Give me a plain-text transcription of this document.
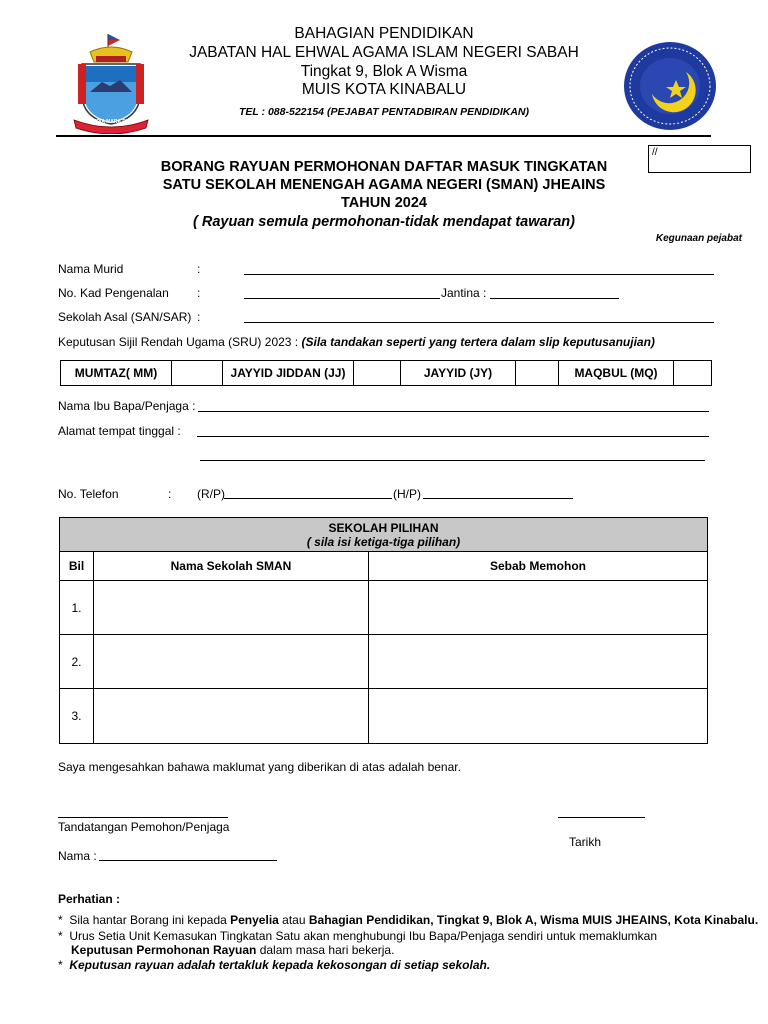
SEDIA MARA DIRI
BAHAGIAN PENDIDIKAN
JABATAN HAL EHWAL AGAMA ISLAM NEGERI SABAH
Tingkat 9, Blok A Wisma
MUIS KOTA KINABALU
TEL : 088-522154 (PEJABAT PENTADBIRAN PENDIDIKAN)
//
Kegunaan pejabat
BORANG RAYUAN PERMOHONAN DAFTAR MASUK TINGKATAN
SATU SEKOLAH MENENGAH AGAMA NEGERI (SMAN) JHEAINS
TAHUN 2024
( Rayuan semula permohonan-tidak mendapat tawaran)
Nama Murid	:
No. Kad Pengenalan :	Jantina :
Sekolah Asal (SAN/SAR) :
Keputusan Sijil Rendah Ugama (SRU) 2023 : (Sila tandakan seperti yang tertera dalam slip keputusanujian)
MUMTAZ( MM)		JAYYID JIDDAN (JJ)		JAYYID (JY)		MAQBUL (MQ)	
Nama Ibu Bapa/Penjaga :
Alamat tempat tinggal :
No. Telefon	: (R/P)	(H/P)
SEKOLAH PILIHAN
( sila isi ketiga-tiga pilihan)		

Bil	Nama Sekolah SMAN	Sebab Memohon
1.		
2.		
3.		
Saya mengesahkan bahawa maklumat yang diberikan di atas adalah benar.
Tandatangan Pemohon/Penjaga
Tarikh
Nama :
Perhatian :
* Sila hantar Borang ini kepada Penyelia atau Bahagian Pendidikan, Tingkat 9, Blok A, Wisma MUIS JHEAINS, Kota Kinabalu.
* Urus Setia Unit Kemasukan Tingkatan Satu akan menghubungi Ibu Bapa/Penjaga sendiri untuk memaklumkan
Keputusan Permohonan Rayuan dalam masa hari bekerja.
* Keputusan rayuan adalah tertakluk kepada kekosongan di setiap sekolah.
